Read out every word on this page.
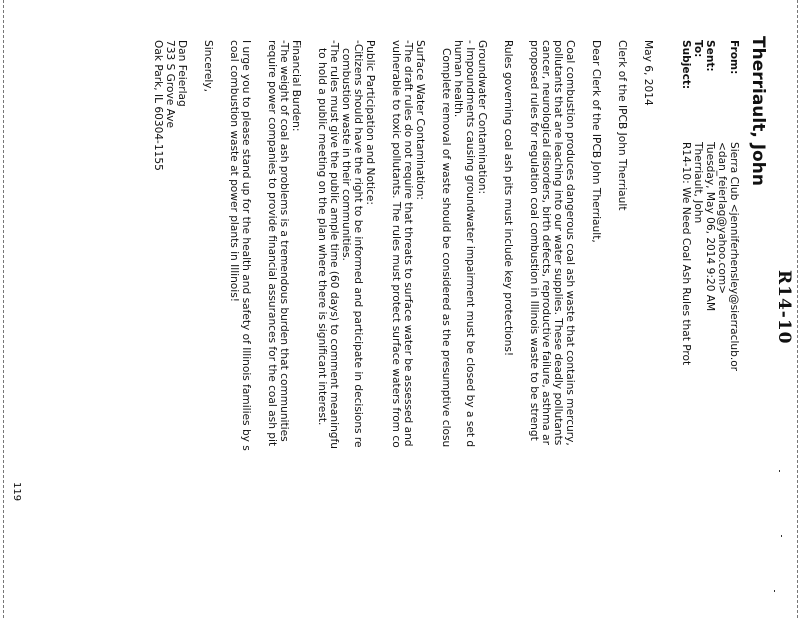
R14-10
Therriault, John
From:
Sierra Club <jenniferhensley@sierraclub.or
<dan_feierlag@yahoo.com>
Sent:
Tuesday, May 06, 2014 9:20 AM
To:
Therriault, John
Subject:
R14-10: We Need Coal Ash Rules that Prot
May 6, 2014
Clerk of the IPCB John Therriault
Dear Clerk of the IPCB John Therriault,
Coal combustion produces dangerous coal ash waste that contains mercury,
pollutants that are leaching into our water supplies. These deadly pollutants
cancer, neurological disorders, birth defects, reproductive failure, asthma ar
proposed rules for regulation coal combustion in Illinois waste to be strengt
Rules governing coal ash pits must include key protections!
Groundwater Contamination:
- Impoundments causing groundwater impairment must be closed by a set d
human health.
Complete removal of waste should be considered as the presumptive closu
Surface Water Contamination:
-The draft rules do not require that threats to surface water be assessed and
vulnerable to toxic pollutants. The rules must protect surface waters from co
Public Participation and Notice:
-Citizens should have the right to be informed and participate in decisions re
combustion waste in their communities.
-The rules must give the public ample time (60 days) to comment meaningfu
to hold a public meeting on the plan where there is significant interest.
Financial Burden:
-The weight of coal ash problems is a tremendous burden that communities
require power companies to provide financial assurances for the coal ash pit
I urge you to please stand up for the health and safety of Illinois families by s
coal combustion waste at power plants in Illinois!
Sincerely,
Dan Feierlag
733 S Grove Ave
Oak Park, IL 60304-1155
119
